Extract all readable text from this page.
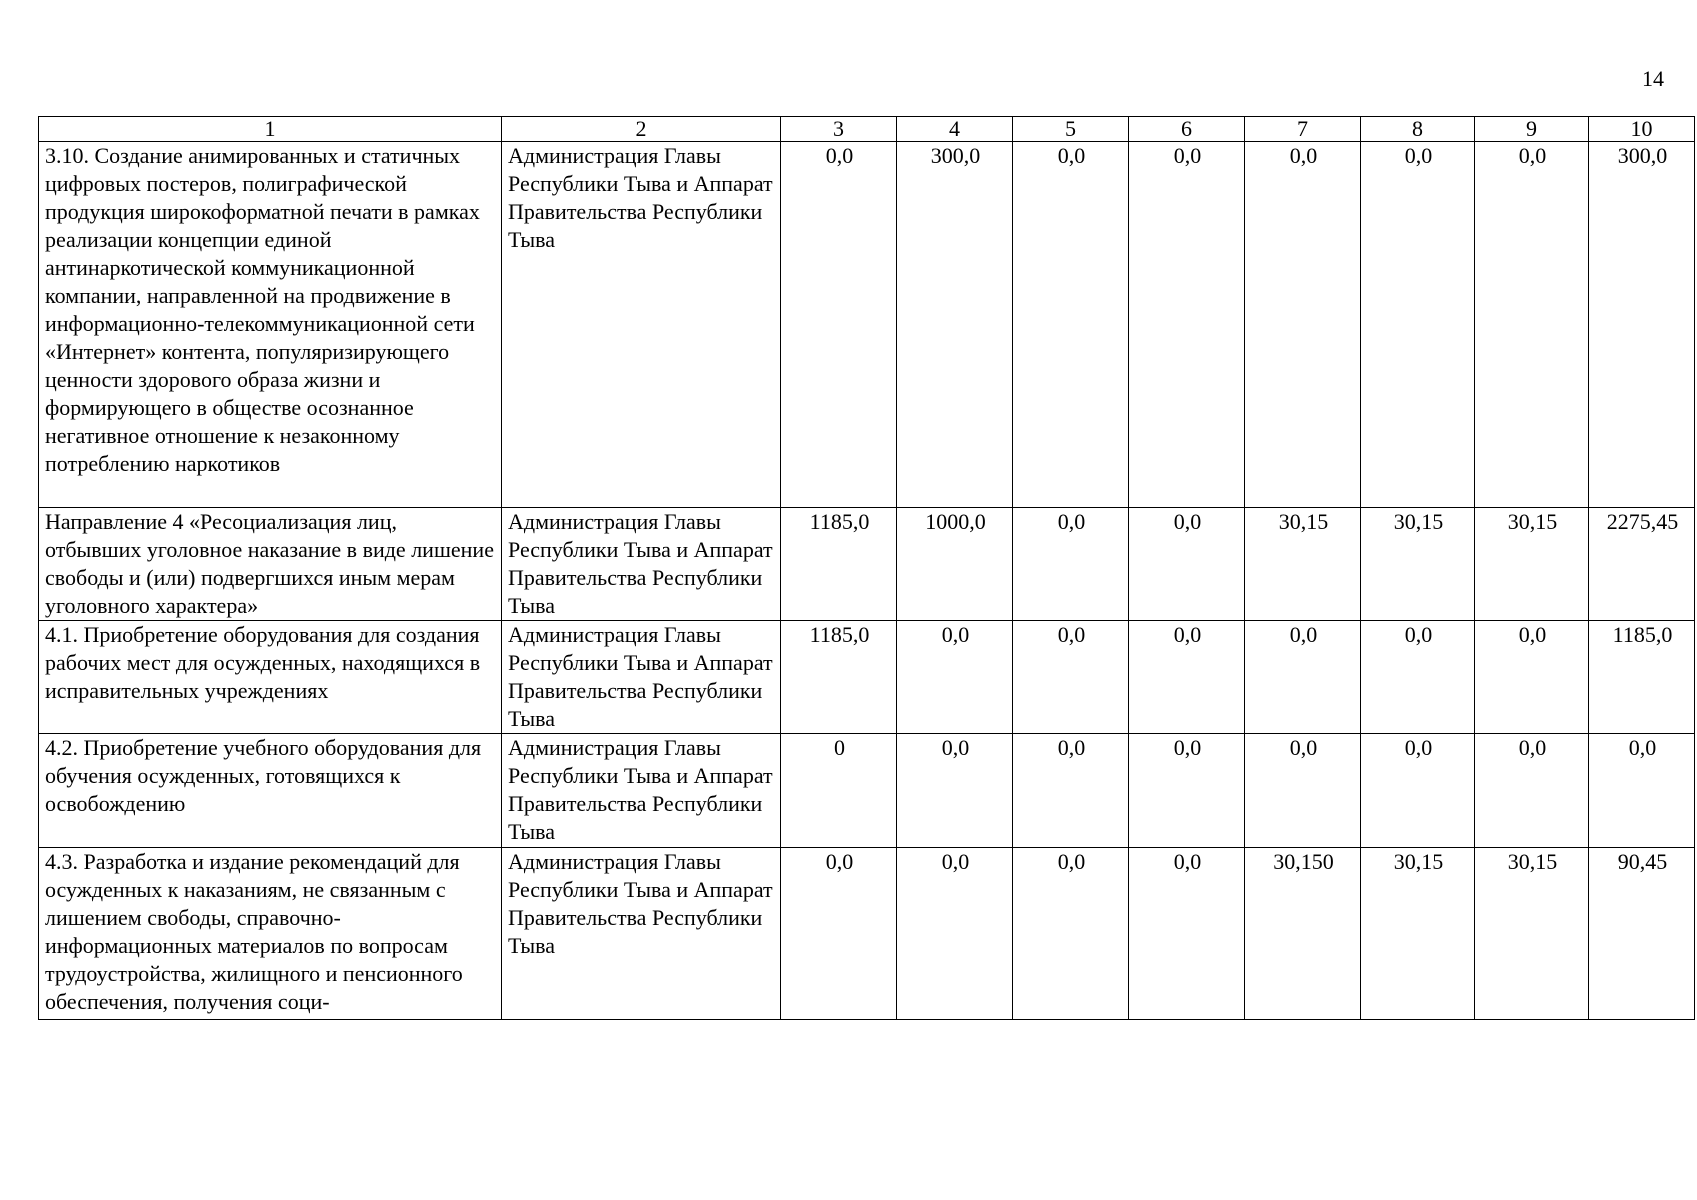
14
1	2	3	4	5	6	7	8	9	10
3.10. Создание анимированных и статичных цифровых постеров, полиграфической продукция широкоформатной печати в рамках реализации концепции единой антинаркотической коммуникационной компании, направленной на продвижение в информационно-телекоммуникационной сети «Интернет» контента, популяризирующего ценности здорового образа жизни и формирующего в обществе осознанное негативное отношение к незаконному потреблению наркотиков	Администрация Главы Республики Тыва и Аппарат Правительства Республики Тыва	0,0	300,0	0,0	0,0	0,0	0,0	0,0	300,0
Направление 4 «Ресоциализация лиц, отбывших уголовное наказание в виде лишение свободы и (или) подвергшихся иным мерам уголовного характера»	Администрация Главы Республики Тыва и Аппарат Правительства Республики Тыва	1185,0	1000,0	0,0	0,0	30,15	30,15	30,15	2275,45
4.1. Приобретение оборудования для создания рабочих мест для осужденных, находящихся в исправительных учреждениях	Администрация Главы Республики Тыва и Аппарат Правительства Республики Тыва	1185,0	0,0	0,0	0,0	0,0	0,0	0,0	1185,0
4.2. Приобретение учебного оборудования для обучения осужденных, готовящихся к освобождению	Администрация Главы Республики Тыва и Аппарат Правительства Республики Тыва	0	0,0	0,0	0,0	0,0	0,0	0,0	0,0
4.3. Разработка и издание рекомендаций для осужденных к наказаниям, не связанным с лишением свободы, справочно-информационных материалов по вопросам трудоустройства, жилищного и пенсионного обеспечения, получения соци-	Администрация Главы Республики Тыва и Аппарат Правительства Республики Тыва	0,0	0,0	0,0	0,0	30,150	30,15	30,15	90,45
